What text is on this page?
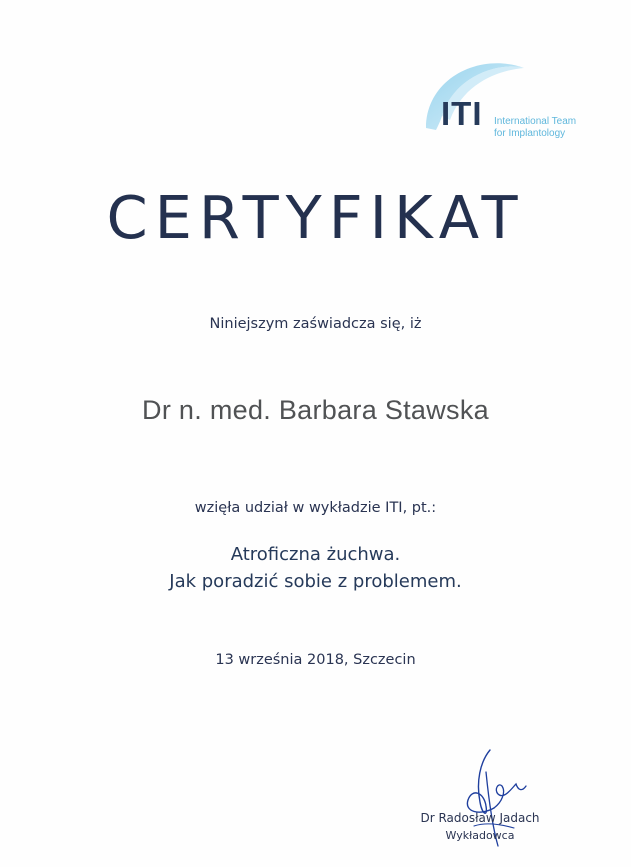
ITI International Team
for Implantology
CERTYFIKAT
Niniejszym zaświadcza się, iż
Dr n. med. Barbara Stawska
wzięła udział w wykładzie ITI, pt.:
Atroficzna żuchwa.
Jak poradzić sobie z problemem.
13 września 2018, Szczecin
Dr Radosław Jadach
Wykładowca
